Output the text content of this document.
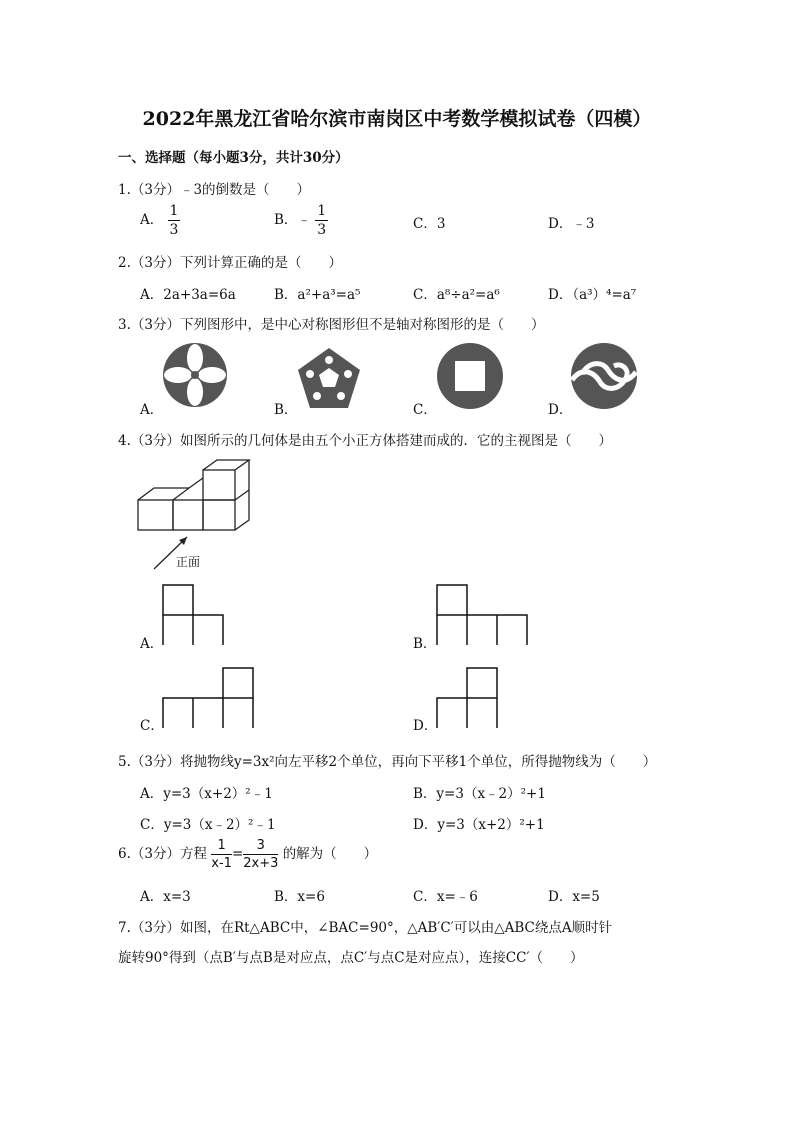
2022年黑龙江省哈尔滨市南岗区中考数学模拟试卷（四模）
一、选择题（每小题3分，共计30分）
1.（3分）﹣3的倒数是（　　）
A． $\frac{1}{3}$	B．﹣ $\frac{1}{3}$	C．3	D．﹣3
2.（3分）下列计算正确的是（　　）
A．2a+3a=6a	B．a²+a³=a⁵	C．a⁸÷a²=a⁶	D．（a³）⁴=a⁷
3.（3分）下列图形中，是中心对称图形但不是轴对称图形的是（　　）
A．	B．	C．	D．
4.（3分）如图所示的几何体是由五个小正方体搭建而成的．它的主视图是（　　）
正面
A．	B．
C．	D．
5.（3分）将抛物线y=3x²向左平移2个单位，再向下平移1个单位，所得抛物线为（　　）
A．y=3（x+2）²﹣1	B．y=3（x﹣2）²+1
C．y=3（x﹣2）²﹣1	D．y=3（x+2）²+1
6.（3分）方程 $\frac{1}{x-1} = \frac{3}{2x+3}$ 的解为（　　）
A．x=3	B．x=6	C．x=﹣6	D．x=5
7.（3分）如图，在Rt△ABC中，∠BAC=90°，△AB′C′可以由△ABC绕点A顺时针
旋转90°得到（点B′与点B是对应点，点C′与点C是对应点），连接CC′（　　）
